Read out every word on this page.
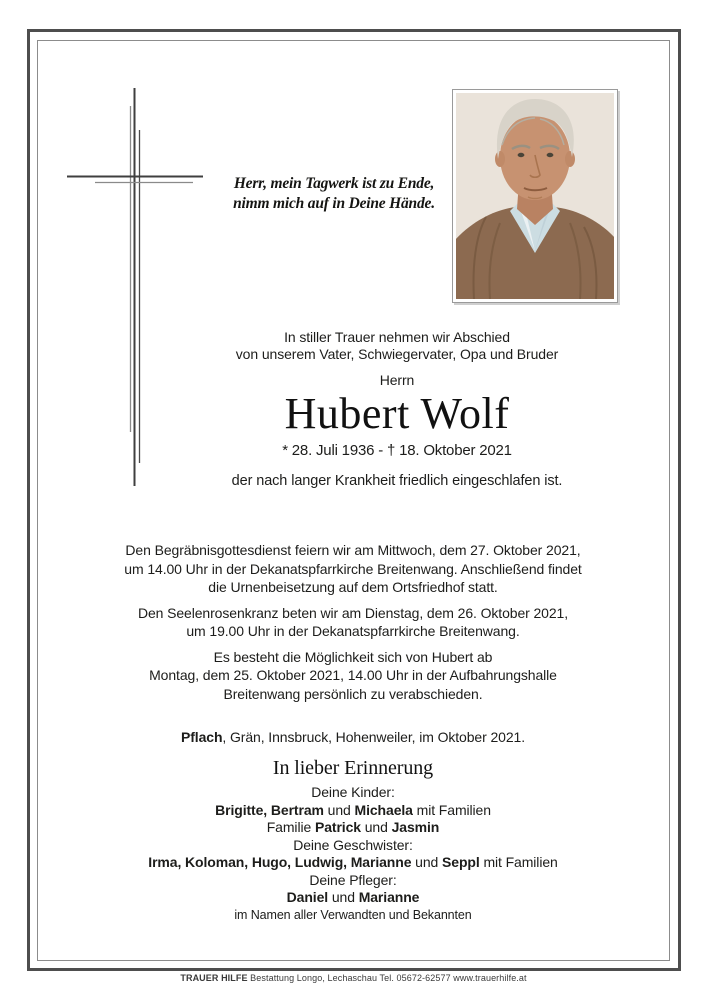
Herr, mein Tagwerk ist zu Ende,
nimm mich auf in Deine Hände.
In stiller Trauer nehmen wir Abschied
von unserem Vater, Schwiegervater, Opa und Bruder
Herrn
Hubert Wolf
* 28. Juli 1936 - † 18. Oktober 2021
der nach langer Krankheit friedlich eingeschlafen ist.
Den Begräbnisgottesdienst feiern wir am Mittwoch, dem 27. Oktober 2021,
um 14.00 Uhr in der Dekanatspfarrkirche Breitenwang. Anschließend findet
die Urnenbeisetzung auf dem Ortsfriedhof statt.
Den Seelenrosenkranz beten wir am Dienstag, dem 26. Oktober 2021,
um 19.00 Uhr in der Dekanatspfarrkirche Breitenwang.
Es besteht die Möglichkeit sich von Hubert ab
Montag, dem 25. Oktober 2021, 14.00 Uhr in der Aufbahrungshalle
Breitenwang persönlich zu verabschieden.
Pflach, Grän, Innsbruck, Hohenweiler, im Oktober 2021.
In lieber Erinnerung
Deine Kinder:
Brigitte, Bertram und Michaela mit Familien
Familie Patrick und Jasmin
Deine Geschwister:
Irma, Koloman, Hugo, Ludwig, Marianne und Seppl mit Familien
Deine Pfleger:
Daniel und Marianne
im Namen aller Verwandten und Bekannten
TRAUER HILFE Bestattung Longo, Lechaschau Tel. 05672-62577 www.trauerhilfe.at
